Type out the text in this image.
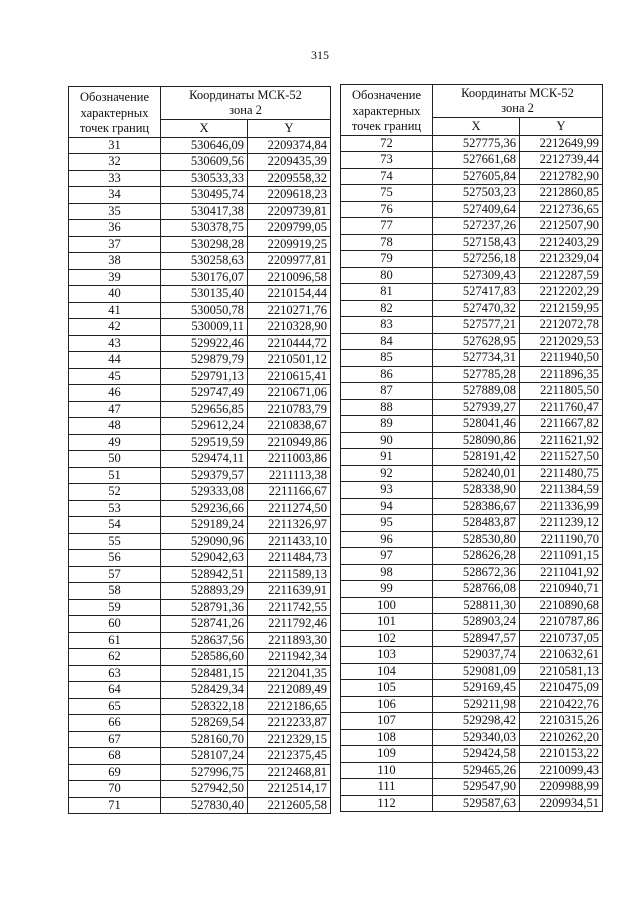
315
Обозначение
характерных
точек границ	Координаты МСК-52
зона 2	
	X	Y
31	530646,09	2209374,84
32	530609,56	2209435,39
33	530533,33	2209558,32
34	530495,74	2209618,23
35	530417,38	2209739,81
36	530378,75	2209799,05
37	530298,28	2209919,25
38	530258,63	2209977,81
39	530176,07	2210096,58
40	530135,40	2210154,44
41	530050,78	2210271,76
42	530009,11	2210328,90
43	529922,46	2210444,72
44	529879,79	2210501,12
45	529791,13	2210615,41
46	529747,49	2210671,06
47	529656,85	2210783,79
48	529612,24	2210838,67
49	529519,59	2210949,86
50	529474,11	2211003,86
51	529379,57	2211113,38
52	529333,08	2211166,67
53	529236,66	2211274,50
54	529189,24	2211326,97
55	529090,96	2211433,10
56	529042,63	2211484,73
57	528942,51	2211589,13
58	528893,29	2211639,91
59	528791,36	2211742,55
60	528741,26	2211792,46
61	528637,56	2211893,30
62	528586,60	2211942,34
63	528481,15	2212041,35
64	528429,34	2212089,49
65	528322,18	2212186,65
66	528269,54	2212233,87
67	528160,70	2212329,15
68	528107,24	2212375,45
69	527996,75	2212468,81
70	527942,50	2212514,17
71	527830,40	2212605,58
Обозначение
характерных
точек границ	Координаты МСК-52
зона 2	
	X	Y
72	527775,36	2212649,99
73	527661,68	2212739,44
74	527605,84	2212782,90
75	527503,23	2212860,85
76	527409,64	2212736,65
77	527237,26	2212507,90
78	527158,43	2212403,29
79	527256,18	2212329,04
80	527309,43	2212287,59
81	527417,83	2212202,29
82	527470,32	2212159,95
83	527577,21	2212072,78
84	527628,95	2212029,53
85	527734,31	2211940,50
86	527785,28	2211896,35
87	527889,08	2211805,50
88	527939,27	2211760,47
89	528041,46	2211667,82
90	528090,86	2211621,92
91	528191,42	2211527,50
92	528240,01	2211480,75
93	528338,90	2211384,59
94	528386,67	2211336,99
95	528483,87	2211239,12
96	528530,80	2211190,70
97	528626,28	2211091,15
98	528672,36	2211041,92
99	528766,08	2210940,71
100	528811,30	2210890,68
101	528903,24	2210787,86
102	528947,57	2210737,05
103	529037,74	2210632,61
104	529081,09	2210581,13
105	529169,45	2210475,09
106	529211,98	2210422,76
107	529298,42	2210315,26
108	529340,03	2210262,20
109	529424,58	2210153,22
110	529465,26	2210099,43
111	529547,90	2209988,99
112	529587,63	2209934,51
